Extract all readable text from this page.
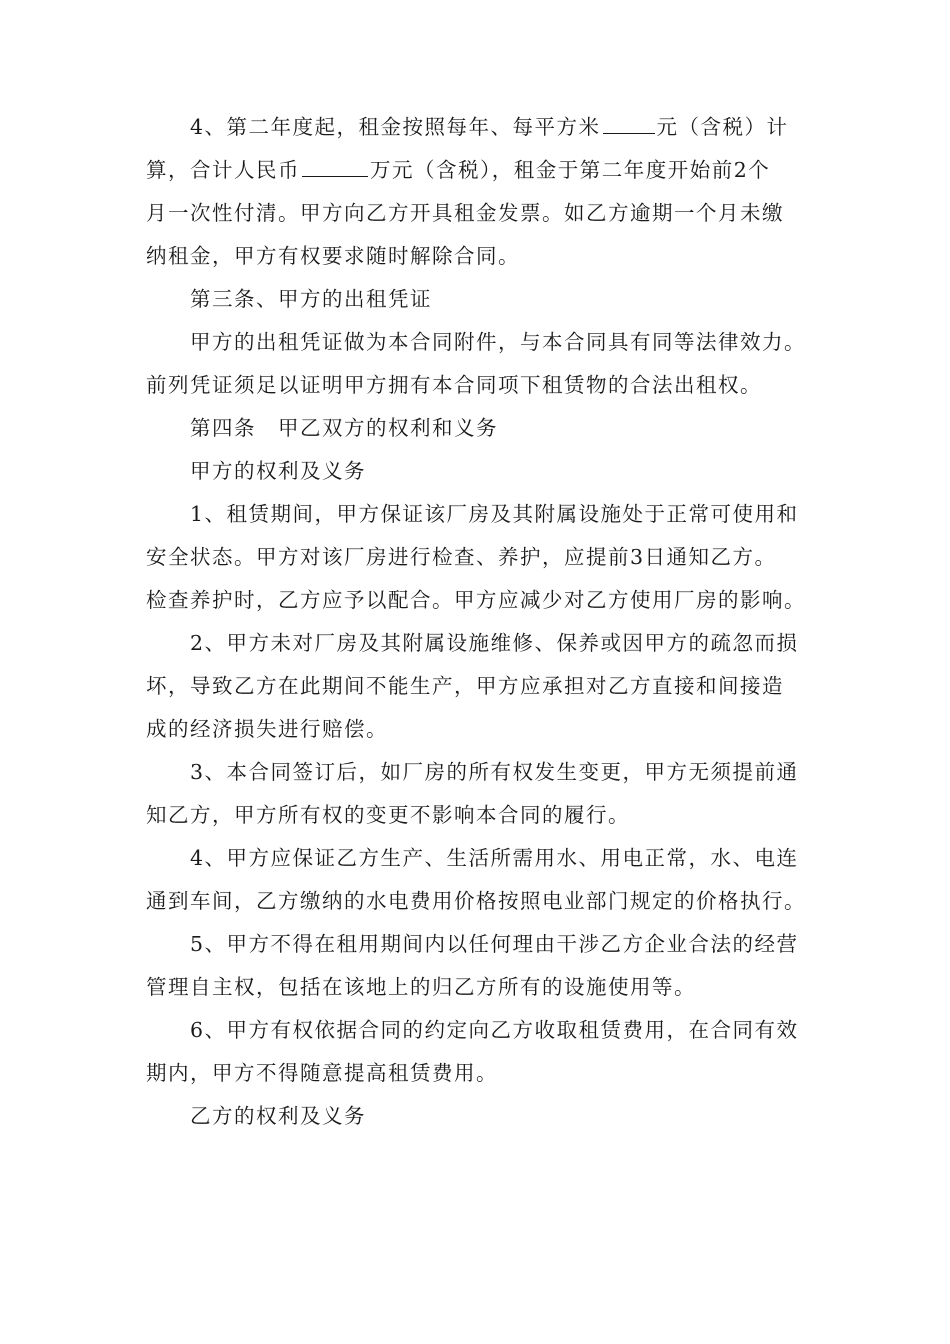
4、第二年度起，租金按照每年、每平方米	元（含税）计
算，合计人民币	万元（含税），租金于第二年度开始前2个
月一次性付清。甲方向乙方开具租金发票。如乙方逾期一个月未缴
纳租金，甲方有权要求随时解除合同。
第三条、甲方的出租凭证
甲方的出租凭证做为本合同附件，与本合同具有同等法律效力。
前列凭证须足以证明甲方拥有本合同项下租赁物的合法出租权。
第四条　甲乙双方的权利和义务
甲方的权利及义务
1、租赁期间，甲方保证该厂房及其附属设施处于正常可使用和
安全状态。甲方对该厂房进行检查、养护，应提前3日通知乙方。
检查养护时，乙方应予以配合。甲方应减少对乙方使用厂房的影响。
2、甲方未对厂房及其附属设施维修、保养或因甲方的疏忽而损
坏，导致乙方在此期间不能生产，甲方应承担对乙方直接和间接造
成的经济损失进行赔偿。
3、本合同签订后，如厂房的所有权发生变更，甲方无须提前通
知乙方，甲方所有权的变更不影响本合同的履行。
4、甲方应保证乙方生产、生活所需用水、用电正常，水、电连
通到车间，乙方缴纳的水电费用价格按照电业部门规定的价格执行。
5、甲方不得在租用期间内以任何理由干涉乙方企业合法的经营
管理自主权，包括在该地上的归乙方所有的设施使用等。
6、甲方有权依据合同的约定向乙方收取租赁费用，在合同有效
期内，甲方不得随意提高租赁费用。
乙方的权利及义务
